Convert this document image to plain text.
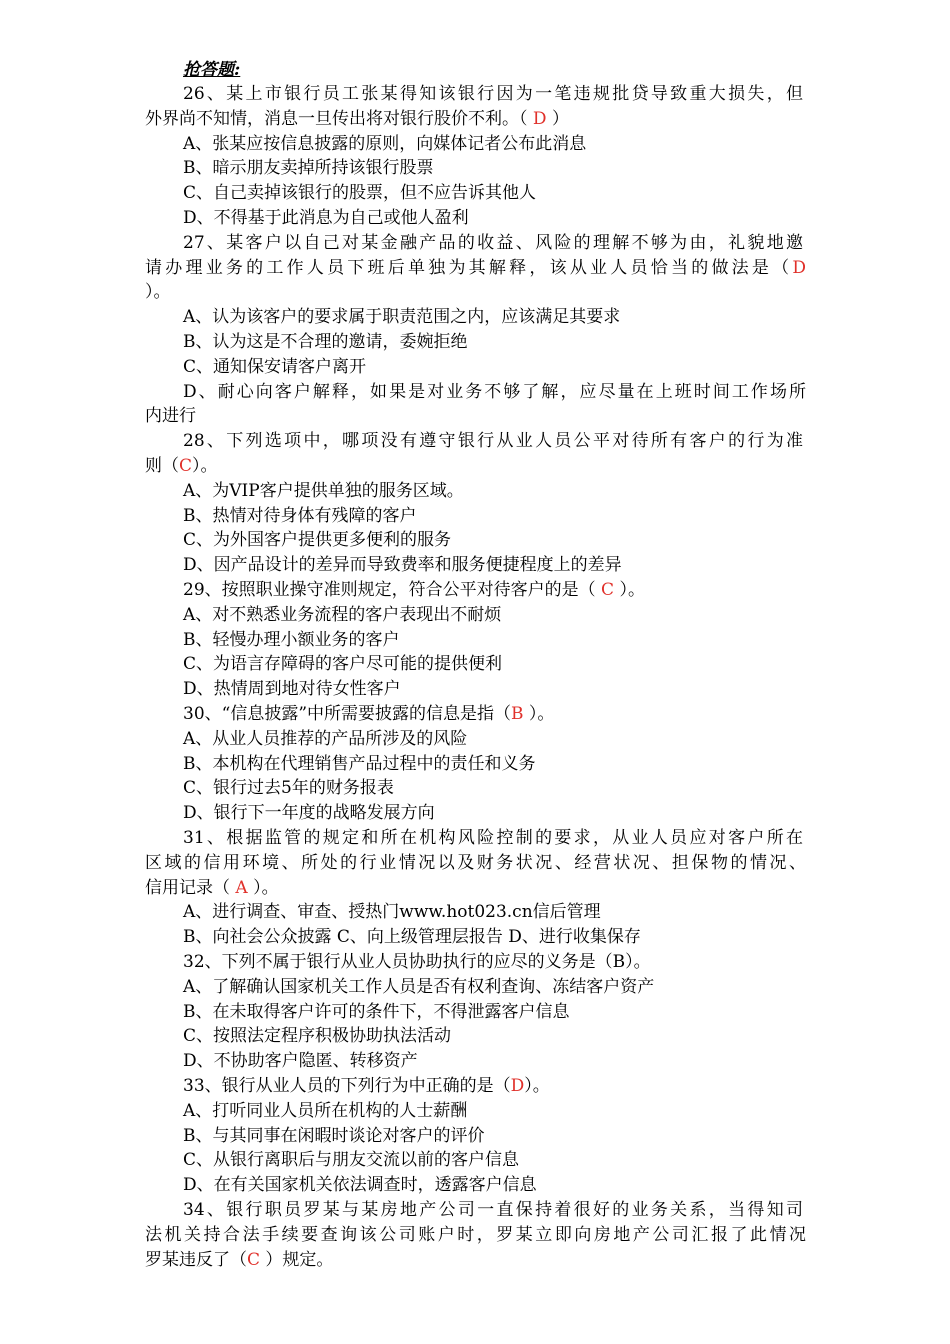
抢答题:
26、某上市银行员工张某得知该银行因为一笔违规批贷导致重大损失，但
外界尚不知情，消息一旦传出将对银行股价不利。（ D ）
A、张某应按信息披露的原则，向媒体记者公布此消息
B、暗示朋友卖掉所持该银行股票
C、自己卖掉该银行的股票，但不应告诉其他人
D、不得基于此消息为自己或他人盈利
27、某客户以自己对某金融产品的收益、风险的理解不够为由，礼貌地邀
请办理业务的工作人员下班后单独为其解释，该从业人员恰当的做法是（D
）。
A、认为该客户的要求属于职责范围之内，应该满足其要求
B、认为这是不合理的邀请，委婉拒绝
C、通知保安请客户离开
D、耐心向客户解释，如果是对业务不够了解，应尽量在上班时间工作场所
内进行
28、下列选项中，哪项没有遵守银行从业人员公平对待所有客户的行为准
则（C）。
A、为VIP客户提供单独的服务区域。
B、热情对待身体有残障的客户
C、为外国客户提供更多便利的服务
D、因产品设计的差异而导致费率和服务便捷程度上的差异
29、按照职业操守准则规定，符合公平对待客户的是（ C ）。
A、对不熟悉业务流程的客户表现出不耐烦
B、轻慢办理小额业务的客户
C、为语言存障碍的客户尽可能的提供便利
D、热情周到地对待女性客户
30、“信息披露”中所需要披露的信息是指（B ）。
A、从业人员推荐的产品所涉及的风险
B、本机构在代理销售产品过程中的责任和义务
C、银行过去5年的财务报表
D、银行下一年度的战略发展方向
31、根据监管的规定和所在机构风险控制的要求，从业人员应对客户所在
区域的信用环境、所处的行业情况以及财务状况、经营状况、担保物的情况、
信用记录（ A ）。
A、进行调查、审查、授热门www.hot023.cn信后管理
B、向社会公众披露 C、向上级管理层报告 D、进行收集保存
32、下列不属于银行从业人员协助执行的应尽的义务是（B）。
A、了解确认国家机关工作人员是否有权利查询、冻结客户资产
B、在未取得客户许可的条件下，不得泄露客户信息
C、按照法定程序积极协助执法活动
D、不协助客户隐匿、转移资产
33、银行从业人员的下列行为中正确的是（D）。
A、打听同业人员所在机构的人士薪酬
B、与其同事在闲暇时谈论对客户的评价
C、从银行离职后与朋友交流以前的客户信息
D、在有关国家机关依法调查时，透露客户信息
34、银行职员罗某与某房地产公司一直保持着很好的业务关系，当得知司
法机关持合法手续要查询该公司账户时，罗某立即向房地产公司汇报了此情况
罗某违反了（C ）规定。
